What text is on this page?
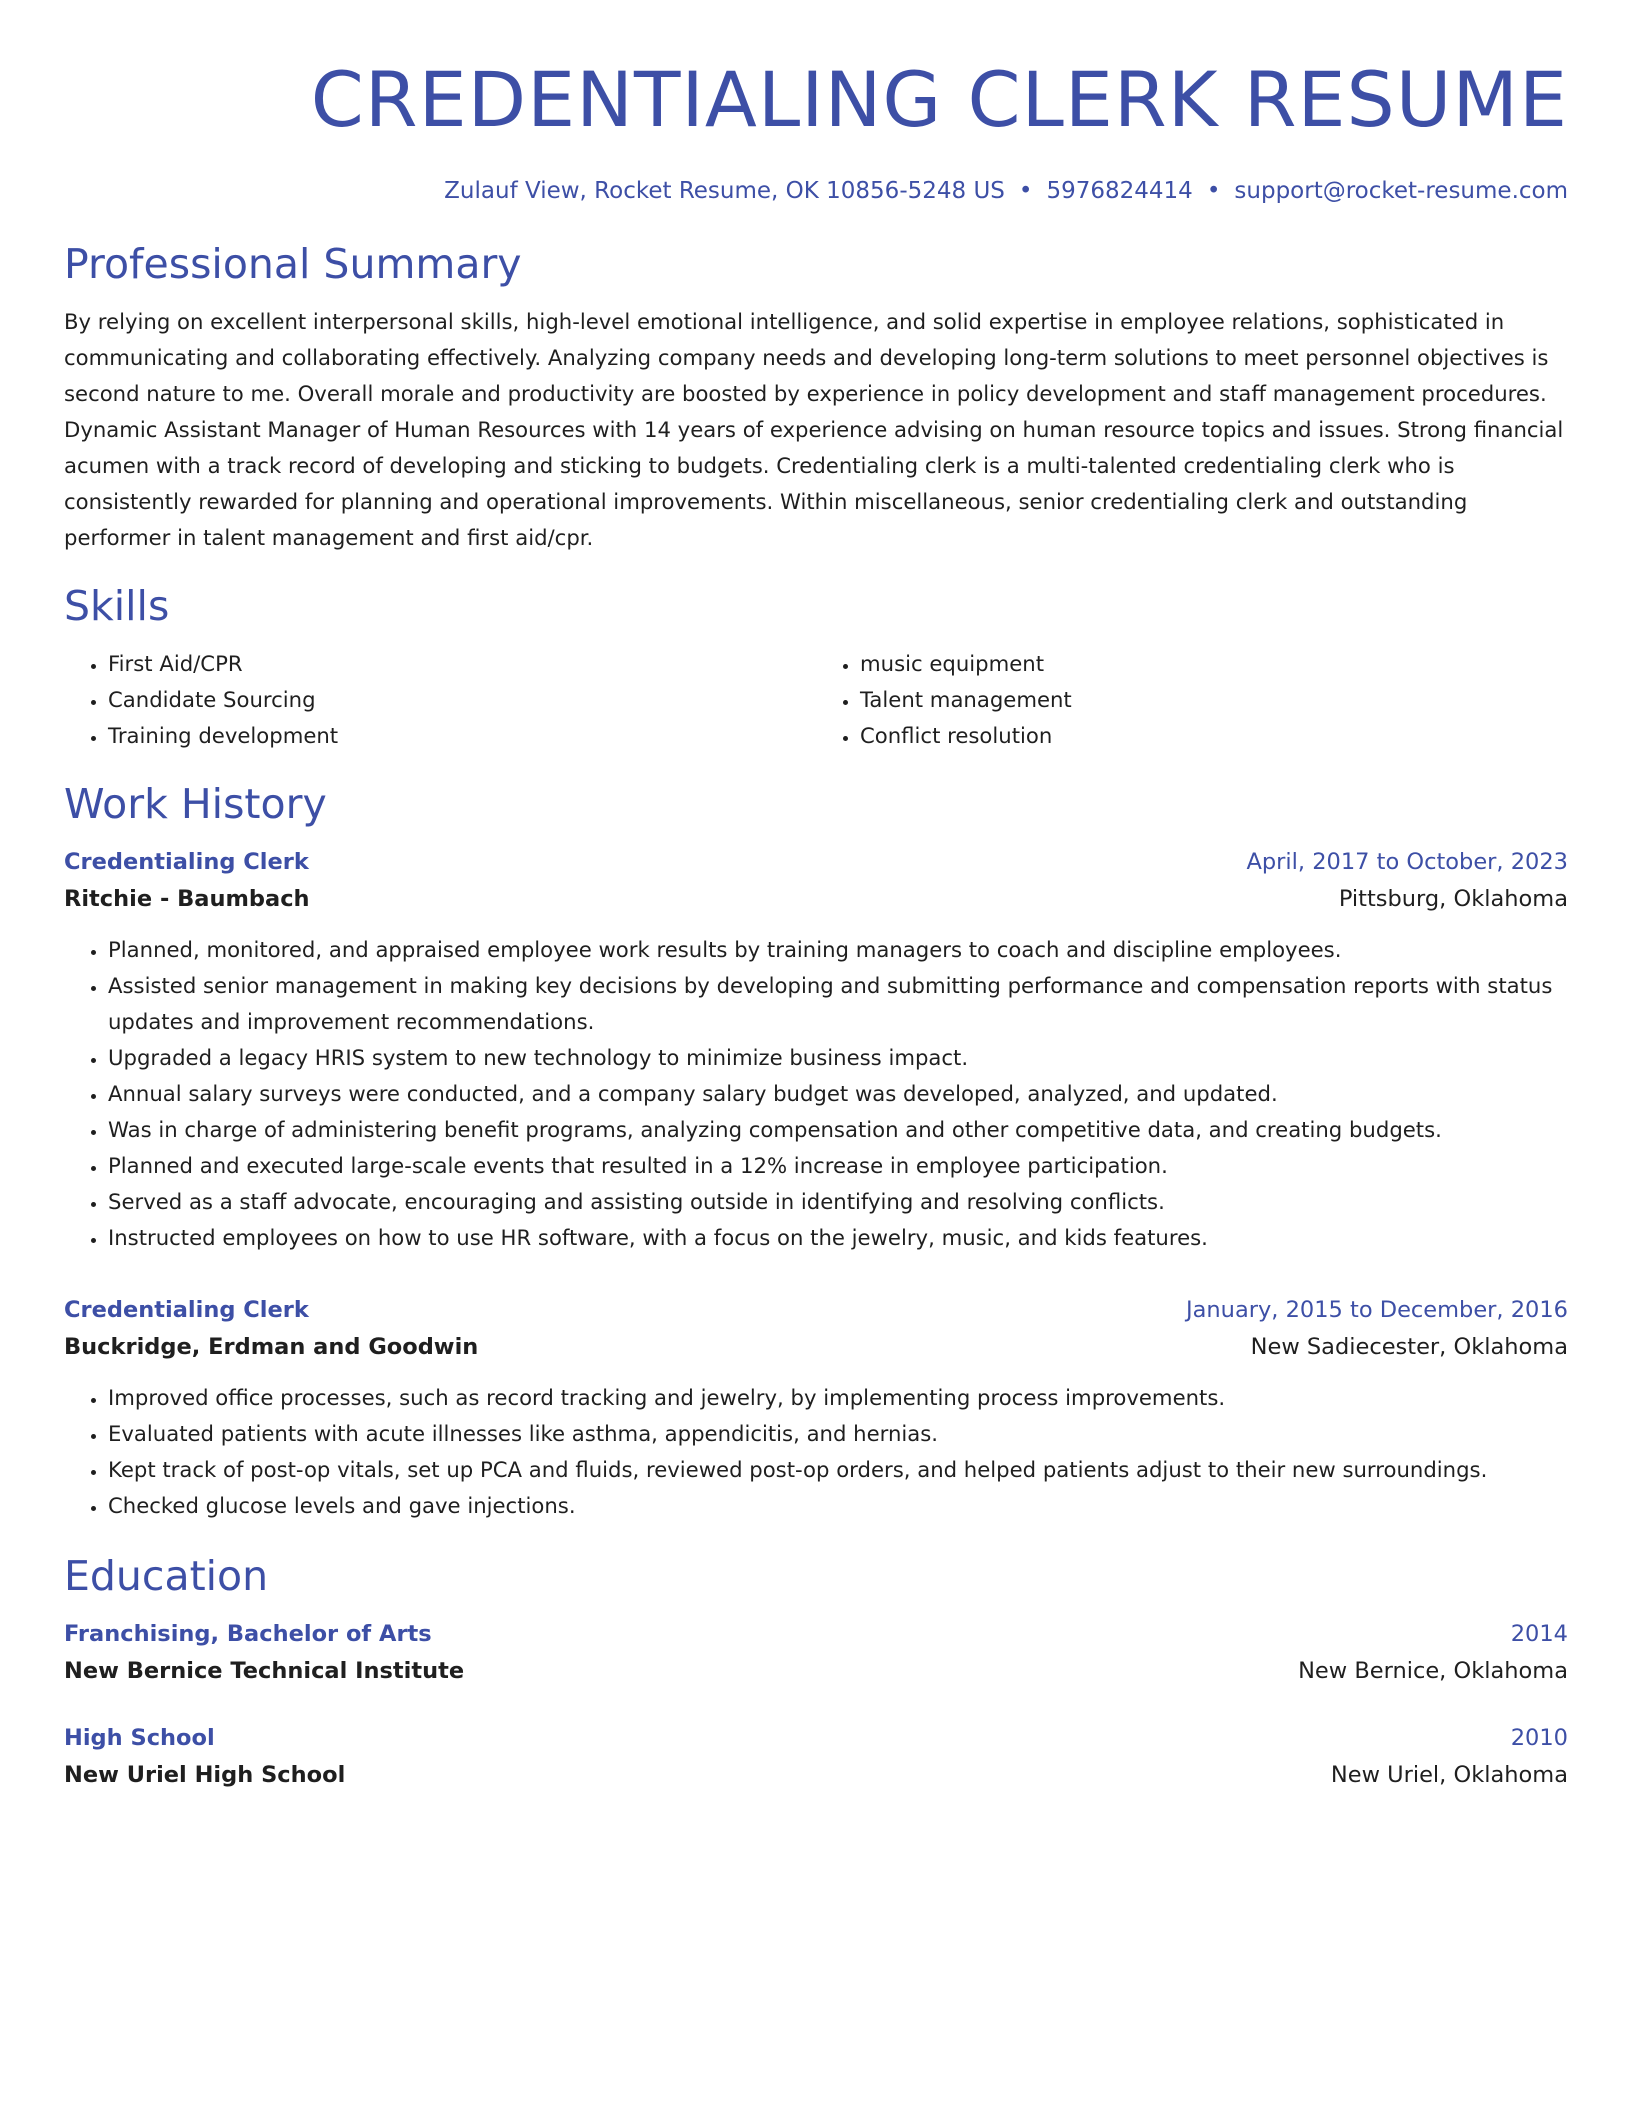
CREDENTIALING CLERK RESUME
Zulauf View, Rocket Resume, OK 10856-5248 US • 5976824414 • support@rocket-resume.com
Professional Summary
By relying on excellent interpersonal skills, high-level emotional intelligence, and solid expertise in employee relations, sophisticated in communicating and collaborating effectively. Analyzing company needs and developing long-term solutions to meet personnel objectives is second nature to me. Overall morale and productivity are boosted by experience in policy development and staff management procedures. Dynamic Assistant Manager of Human Resources with 14 years of experience advising on human resource topics and issues. Strong financial acumen with a track record of developing and sticking to budgets. Credentialing clerk is a multi-talented credentialing clerk who is consistently rewarded for planning and operational improvements. Within miscellaneous, senior credentialing clerk and outstanding performer in talent management and first aid/cpr.
Skills
• First Aid/CPR
• Candidate Sourcing
• Training development
• music equipment
• Talent management
• Conflict resolution
Work History
Credentialing Clerk	April, 2017 to October, 2023
Ritchie - Baumbach	Pittsburg, Oklahoma
• Planned, monitored, and appraised employee work results by training managers to coach and discipline employees.
• Assisted senior management in making key decisions by developing and submitting performance and compensation reports with status updates and improvement recommendations.
• Upgraded a legacy HRIS system to new technology to minimize business impact.
• Annual salary surveys were conducted, and a company salary budget was developed, analyzed, and updated.
• Was in charge of administering benefit programs, analyzing compensation and other competitive data, and creating budgets.
• Planned and executed large-scale events that resulted in a 12% increase in employee participation.
• Served as a staff advocate, encouraging and assisting outside in identifying and resolving conflicts.
• Instructed employees on how to use HR software, with a focus on the jewelry, music, and kids features.
Credentialing Clerk	January, 2015 to December, 2016
Buckridge, Erdman and Goodwin	New Sadiecester, Oklahoma
• Improved office processes, such as record tracking and jewelry, by implementing process improvements.
• Evaluated patients with acute illnesses like asthma, appendicitis, and hernias.
• Kept track of post-op vitals, set up PCA and fluids, reviewed post-op orders, and helped patients adjust to their new surroundings.
• Checked glucose levels and gave injections.
Education
Franchising, Bachelor of Arts	2014
New Bernice Technical Institute	New Bernice, Oklahoma
High School	2010
New Uriel High School	New Uriel, Oklahoma
